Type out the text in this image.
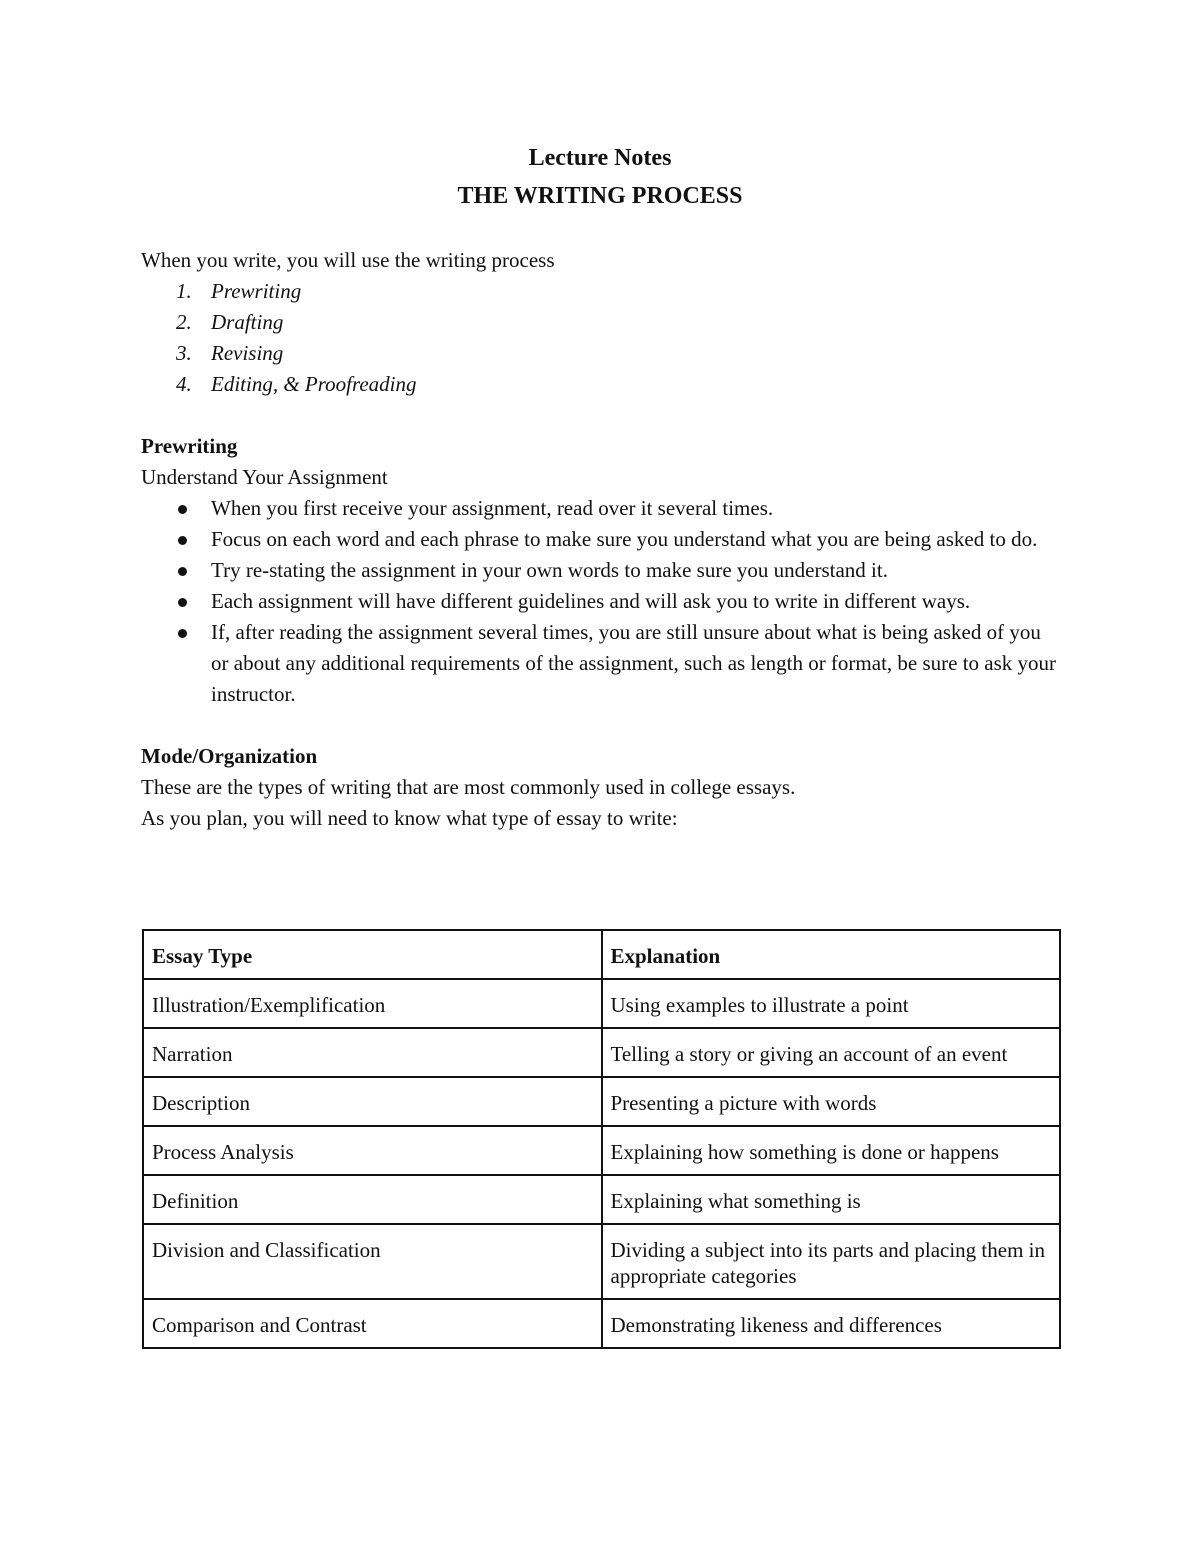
Lecture Notes
THE WRITING PROCESS

When you write, you will use the writing process

1. Prewriting
2. Drafting
3. Revising
4. Editing, & Proofreading

Prewriting

Understand Your Assignment

When you first receive your assignment, read over it several times.
Focus on each word and each phrase to make sure you understand what you are being asked to do.
Try re-stating the assignment in your own words to make sure you understand it.
Each assignment will have different guidelines and will ask you to write in different ways.
If, after reading the assignment several times, you are still unsure about what is being asked of you or about any additional requirements of the assignment, such as length or format, be sure to ask your instructor.

Mode/Organization

These are the types of writing that are most commonly used in college essays.

As you plan, you will need to know what type of essay to write:

Essay Type	Explanation
Illustration/Exemplification	Using examples to illustrate a point
Narration	Telling a story or giving an account of an event
Description	Presenting a picture with words
Process Analysis	Explaining how something is done or happens
Definition	Explaining what something is
Division and Classification	Dividing a subject into its parts and placing them in appropriate categories
Comparison and Contrast	Demonstrating likeness and differences
